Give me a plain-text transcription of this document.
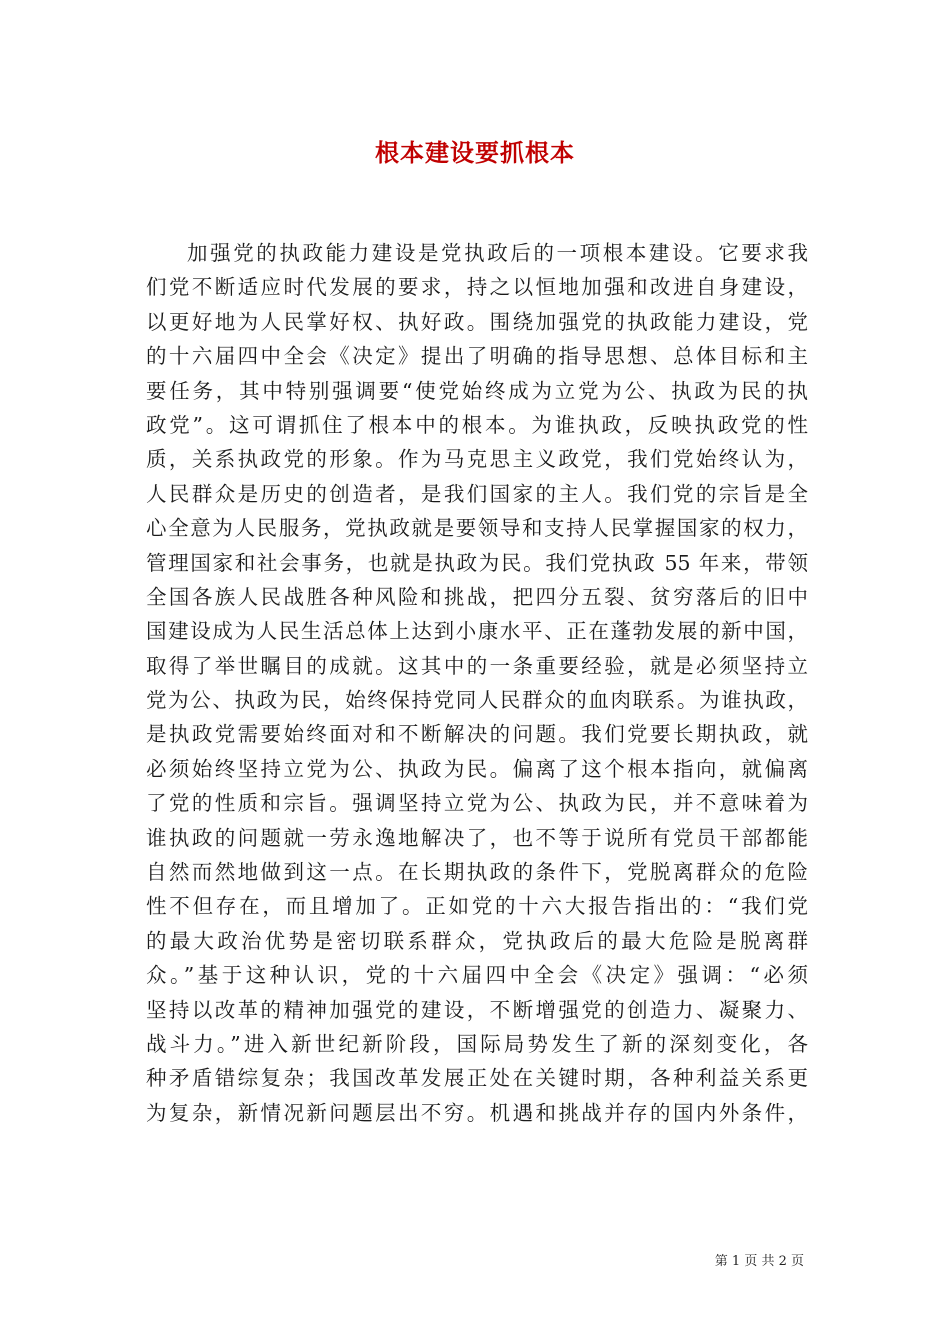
根本建设要抓根本
加强党的执政能力建设是党执政后的一项根本建设。它要求我
们党不断适应时代发展的要求，持之以恒地加强和改进自身建设，
以更好地为人民掌好权、执好政。围绕加强党的执政能力建设，党
的十六届四中全会《决定》提出了明确的指导思想、总体目标和主
要任务，其中特别强调要“使党始终成为立党为公、执政为民的执
政党”。这可谓抓住了根本中的根本。为谁执政，反映执政党的性
质，关系执政党的形象。作为马克思主义政党，我们党始终认为，
人民群众是历史的创造者，是我们国家的主人。我们党的宗旨是全
心全意为人民服务，党执政就是要领导和支持人民掌握国家的权力，
管理国家和社会事务，也就是执政为民。我们党执政 55 年来，带领
全国各族人民战胜各种风险和挑战，把四分五裂、贫穷落后的旧中
国建设成为人民生活总体上达到小康水平、正在蓬勃发展的新中国，
取得了举世瞩目的成就。这其中的一条重要经验，就是必须坚持立
党为公、执政为民，始终保持党同人民群众的血肉联系。为谁执政，
是执政党需要始终面对和不断解决的问题。我们党要长期执政，就
必须始终坚持立党为公、执政为民。偏离了这个根本指向，就偏离
了党的性质和宗旨。强调坚持立党为公、执政为民，并不意味着为
谁执政的问题就一劳永逸地解决了，也不等于说所有党员干部都能
自然而然地做到这一点。在长期执政的条件下，党脱离群众的危险
性不但存在，而且增加了。正如党的十六大报告指出的：“我们党
的最大政治优势是密切联系群众，党执政后的最大危险是脱离群
众。”基于这种认识，党的十六届四中全会《决定》强调：“必须
坚持以改革的精神加强党的建设，不断增强党的创造力、凝聚力、
战斗力。”进入新世纪新阶段，国际局势发生了新的深刻变化，各
种矛盾错综复杂；我国改革发展正处在关键时期，各种利益关系更
为复杂，新情况新问题层出不穷。机遇和挑战并存的国内外条件，
第 1 页 共 2 页
